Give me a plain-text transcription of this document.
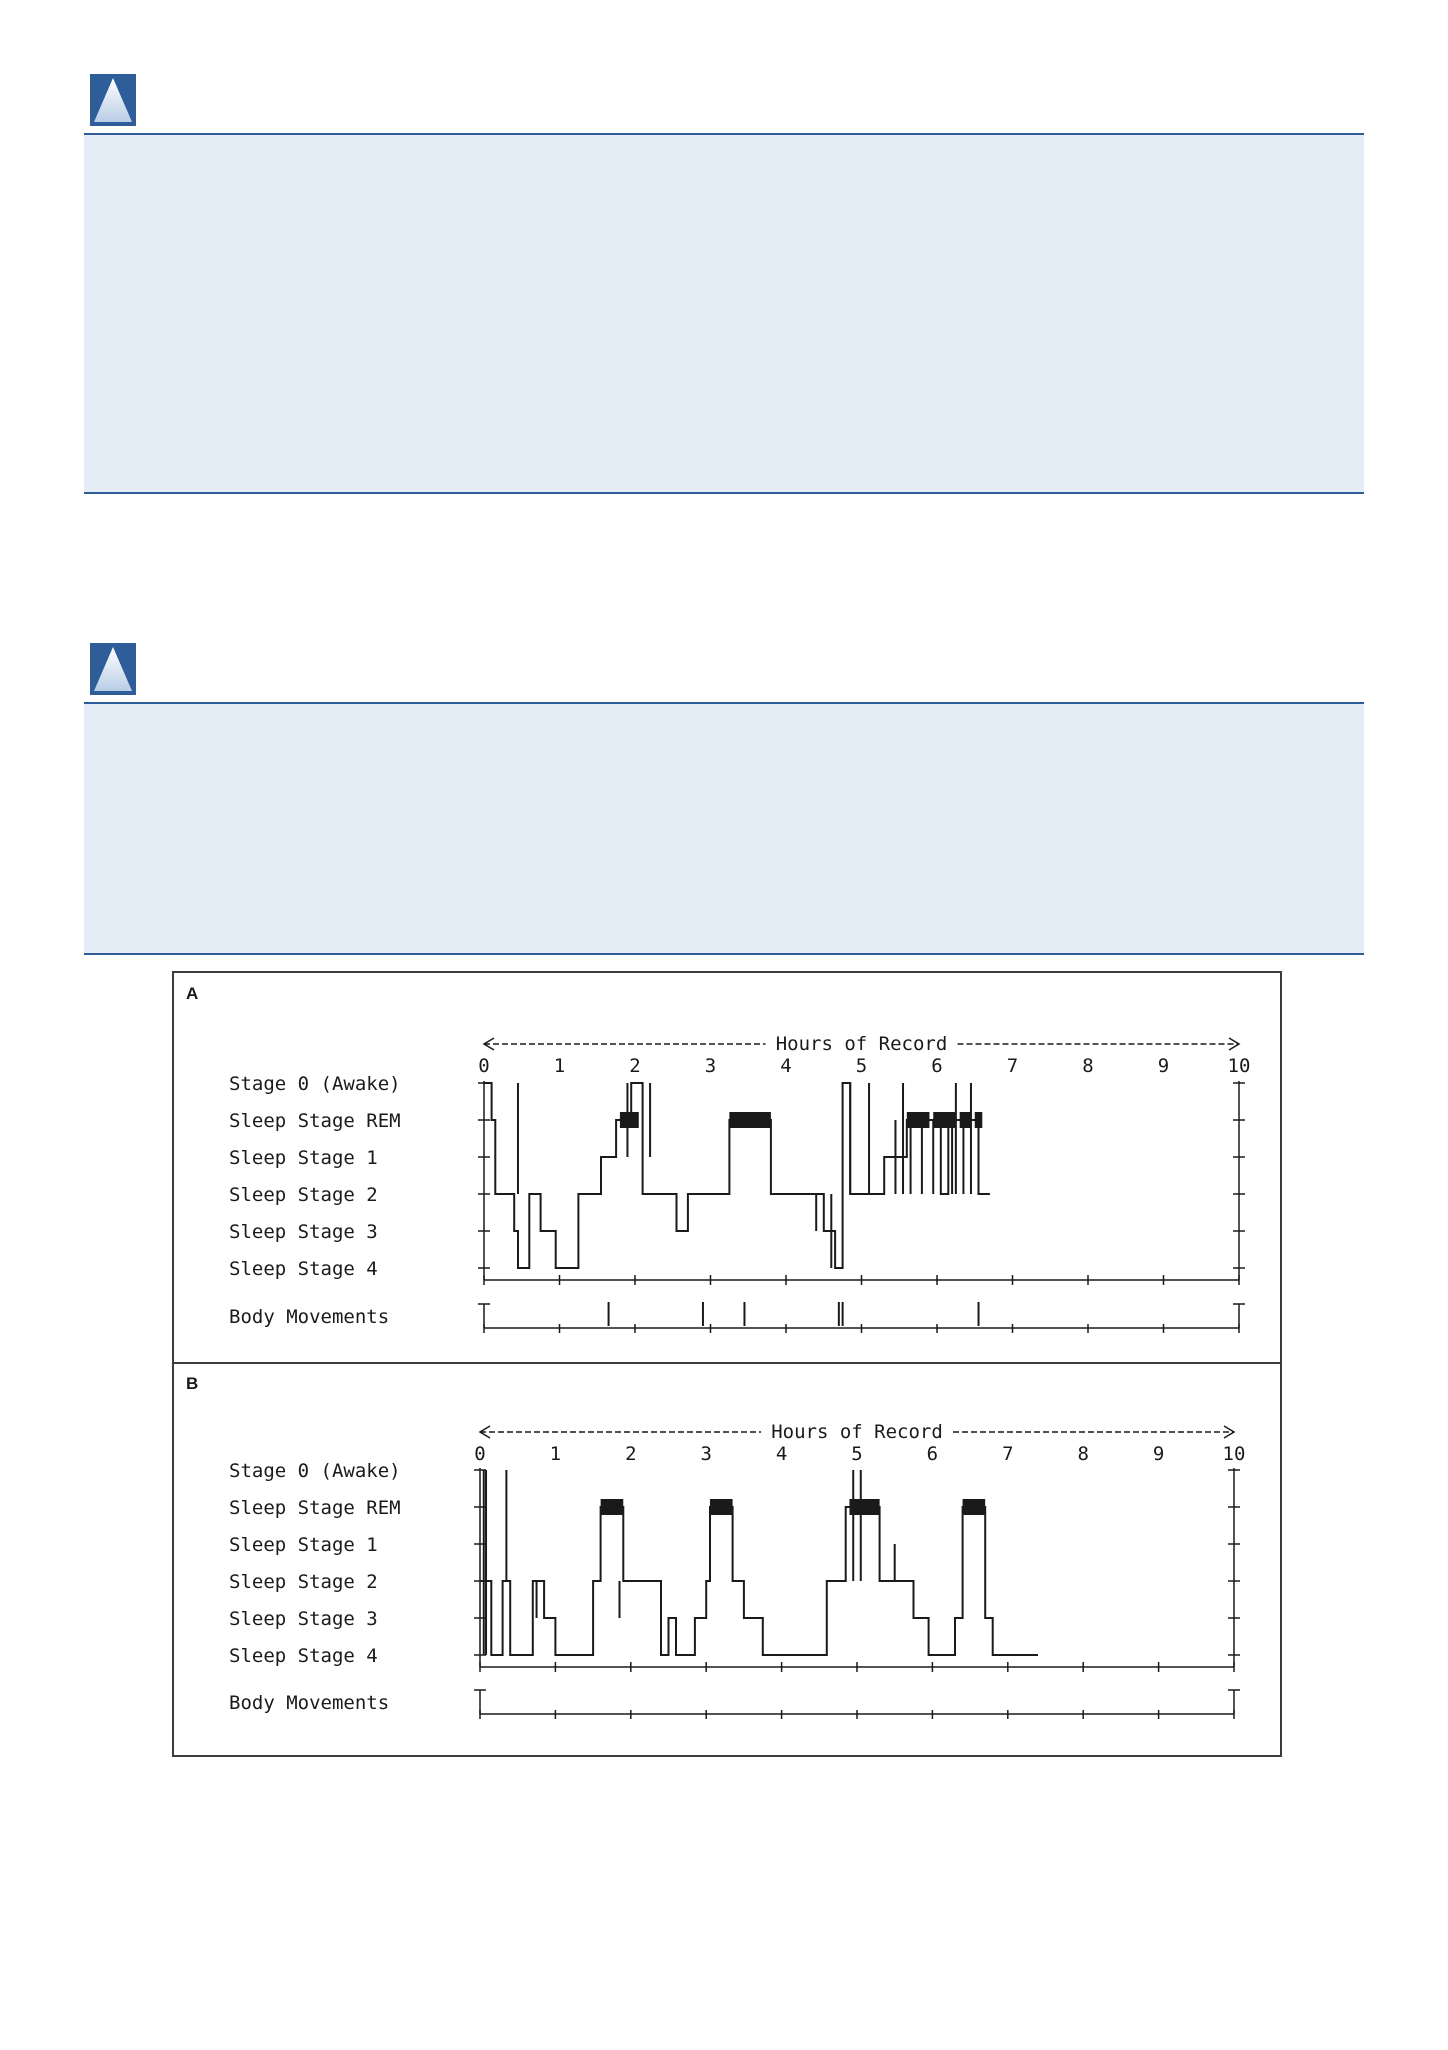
A
B
Hours of Record
0	1	2	3	4	5	6	7	8	9	10
Stage 0 (Awake)
Sleep Stage REM
Sleep Stage 1
Sleep Stage 2
Sleep Stage 3
Sleep Stage 4
Body Movements
Hours of Record
0	1	2	3	4	5	6	7	8	9	10
Stage 0 (Awake)
Sleep Stage REM
Sleep Stage 1
Sleep Stage 2
Sleep Stage 3
Sleep Stage 4
Body Movements
